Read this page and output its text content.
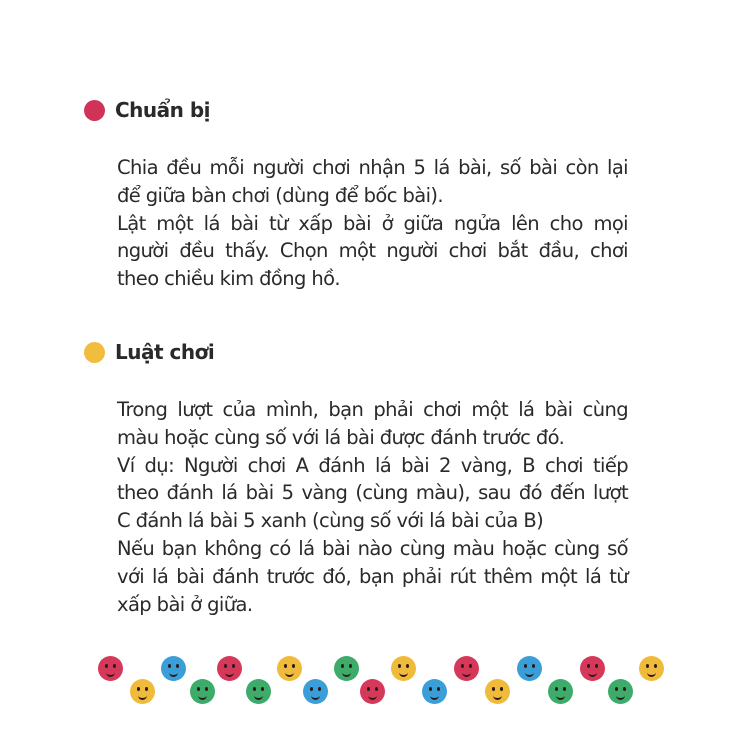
Chuẩn bị
Chia đều mỗi người chơi nhận 5 lá bài, số bài còn lại
để giữa bàn chơi (dùng để bốc bài).
Lật một lá bài từ xấp bài ở giữa ngửa lên cho mọi
người đều thấy. Chọn một người chơi bắt đầu, chơi
theo chiều kim đồng hồ.
Luật chơi
Trong lượt của mình, bạn phải chơi một lá bài cùng
màu hoặc cùng số với lá bài được đánh trước đó.
Ví dụ: Người chơi A đánh lá bài 2 vàng, B chơi tiếp
theo đánh lá bài 5 vàng (cùng màu), sau đó đến lượt
C đánh lá bài 5 xanh (cùng số với lá bài của B)
Nếu bạn không có lá bài nào cùng màu hoặc cùng số
với lá bài đánh trước đó, bạn phải rút thêm một lá từ
xấp bài ở giữa.
